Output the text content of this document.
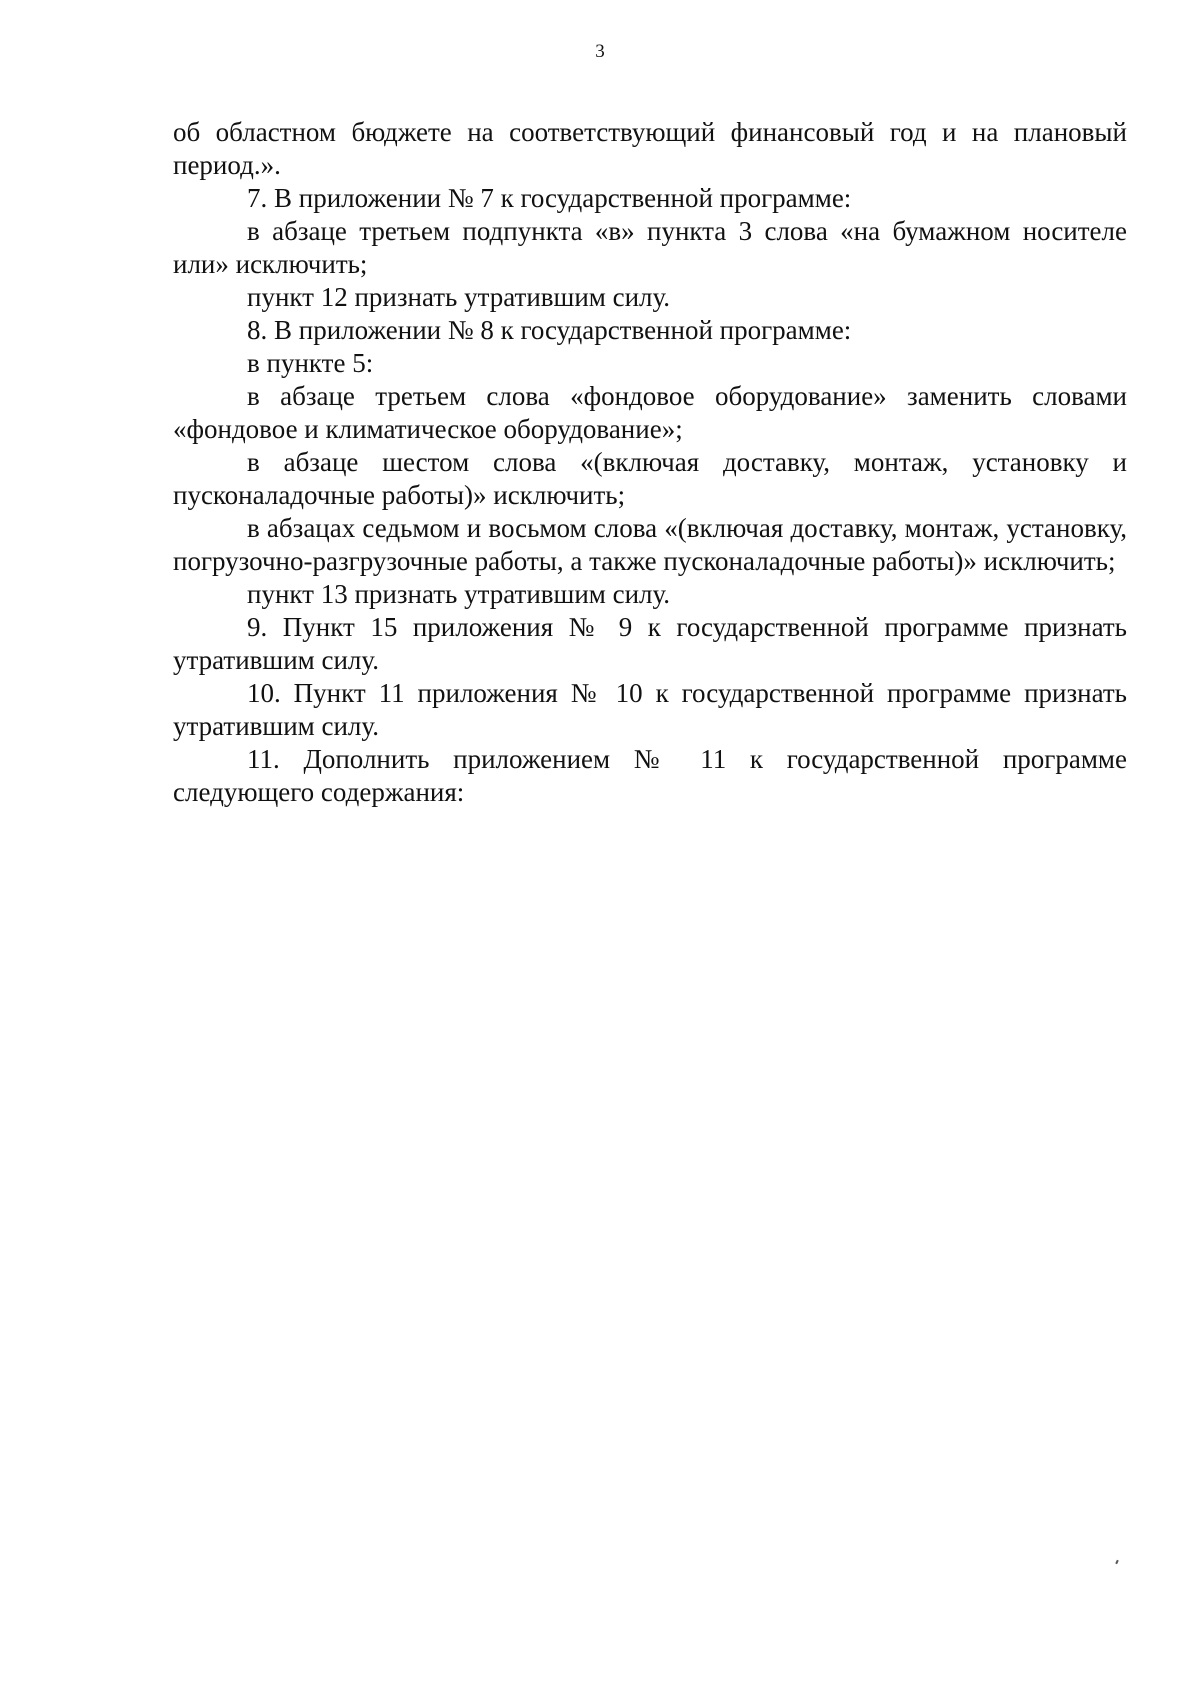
3

об областном бюджете на соответствующий финансовый год и на плановый период.».

7. В приложении № 7 к государственной программе:

в абзаце третьем подпункта «в» пункта 3 слова «на бумажном носителе или» исключить;

пункт 12 признать утратившим силу.

8. В приложении № 8 к государственной программе:

в пункте 5:

в абзаце третьем слова «фондовое оборудование» заменить словами «фондовое и климатическое оборудование»;

в абзаце шестом слова «(включая доставку, монтаж, установку и пусконаладочные работы)» исключить;

в абзацах седьмом и восьмом слова «(включая доставку, монтаж, установку, погрузочно-разгрузочные работы, а также пусконаладочные работы)» исключить;

пункт 13 признать утратившим силу.

9. Пункт 15 приложения № 9 к государственной программе признать утратившим силу.

10. Пункт 11 приложения № 10 к государственной программе признать утратившим силу.

11. Дополнить приложением № 11 к государственной программе следующего содержания:
